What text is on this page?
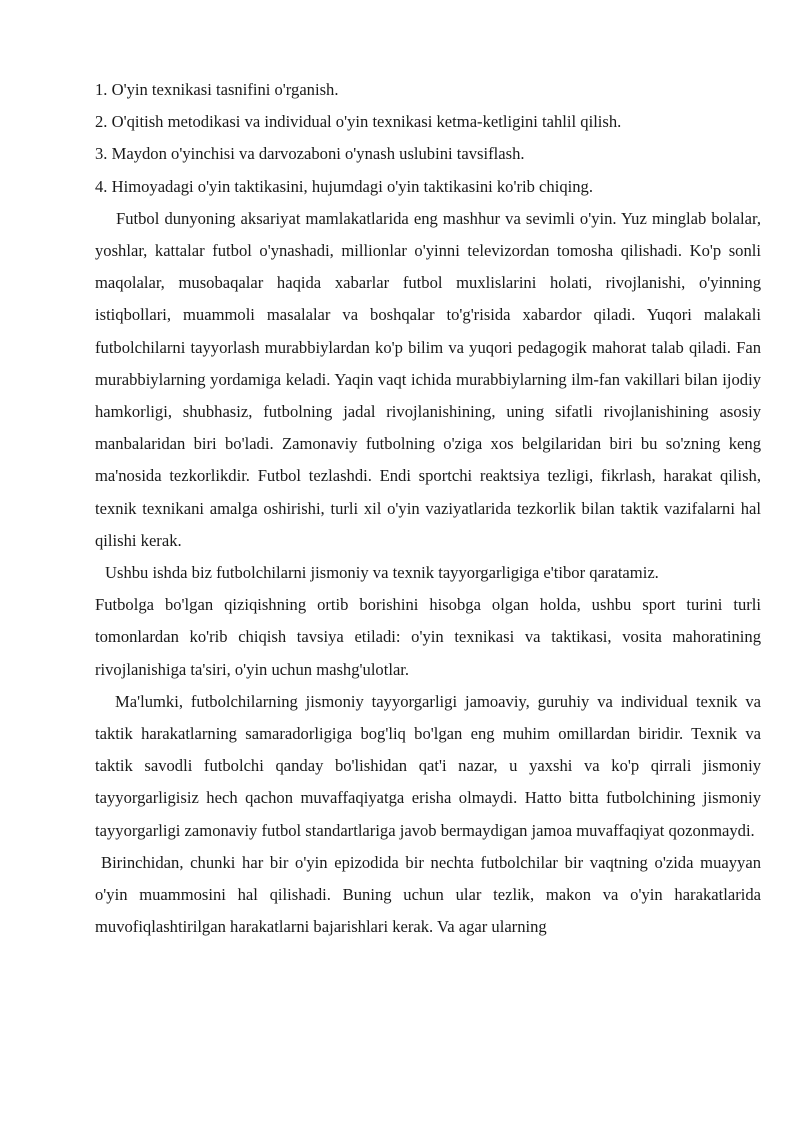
1. O'yin texnikasi tasnifini o'rganish.

2. O'qitish metodikasi va individual o'yin texnikasi ketma-ketligini tahlil qilish.

3. Maydon o'yinchisi va darvozaboni o'ynash uslubini tavsiflash.

4. Himoyadagi o'yin taktikasini, hujumdagi o'yin taktikasini ko'rib chiqing.

Futbol dunyoning aksariyat mamlakatlarida eng mashhur va sevimli o'yin. Yuz minglab bolalar, yoshlar, kattalar futbol o'ynashadi, millionlar o'yinni televizordan tomosha qilishadi. Ko'p sonli maqolalar, musobaqalar haqida xabarlar futbol muxlislarini holati, rivojlanishi, o'yinning istiqbollari, muammoli masalalar va boshqalar to'g'risida xabardor qiladi. Yuqori malakali futbolchilarni tayyorlash murabbiylardan ko'p bilim va yuqori pedagogik mahorat talab qiladi. Fan murabbiylarning yordamiga keladi. Yaqin vaqt ichida murabbiylarning ilm-fan vakillari bilan ijodiy hamkorligi, shubhasiz, futbolning jadal rivojlanishining, uning sifatli rivojlanishining asosiy manbalaridan biri bo'ladi. Zamonaviy futbolning o'ziga xos belgilaridan biri bu so'zning keng ma'nosida tezkorlikdir. Futbol tezlashdi. Endi sportchi reaktsiya tezligi, fikrlash, harakat qilish, texnik texnikani amalga oshirishi, turli xil o'yin vaziyatlarida tezkorlik bilan taktik vazifalarni hal qilishi kerak.

Ushbu ishda biz futbolchilarni jismoniy va texnik tayyorgarligiga e'tibor qaratamiz.

Futbolga bo'lgan qiziqishning ortib borishini hisobga olgan holda, ushbu sport turini turli tomonlardan ko'rib chiqish tavsiya etiladi: o'yin texnikasi va taktikasi, vosita mahoratining rivojlanishiga ta'siri, o'yin uchun mashg'ulotlar.

Ma'lumki, futbolchilarning jismoniy tayyorgarligi jamoaviy, guruhiy va individual texnik va taktik harakatlarning samaradorligiga bog'liq bo'lgan eng muhim omillardan biridir. Texnik va taktik savodli futbolchi qanday bo'lishidan qat'i nazar, u yaxshi va ko'p qirrali jismoniy tayyorgarligisiz hech qachon muvaffaqiyatga erisha olmaydi. Hatto bitta futbolchining jismoniy tayyorgarligi zamonaviy futbol standartlariga javob bermaydigan jamoa muvaffaqiyat qozonmaydi.

Birinchidan, chunki har bir o'yin epizodida bir nechta futbolchilar bir vaqtning o'zida muayyan o'yin muammosini hal qilishadi. Buning uchun ular tezlik, makon va o'yin harakatlarida muvofiqlashtirilgan harakatlarni bajarishlari kerak. Va agar ularning
